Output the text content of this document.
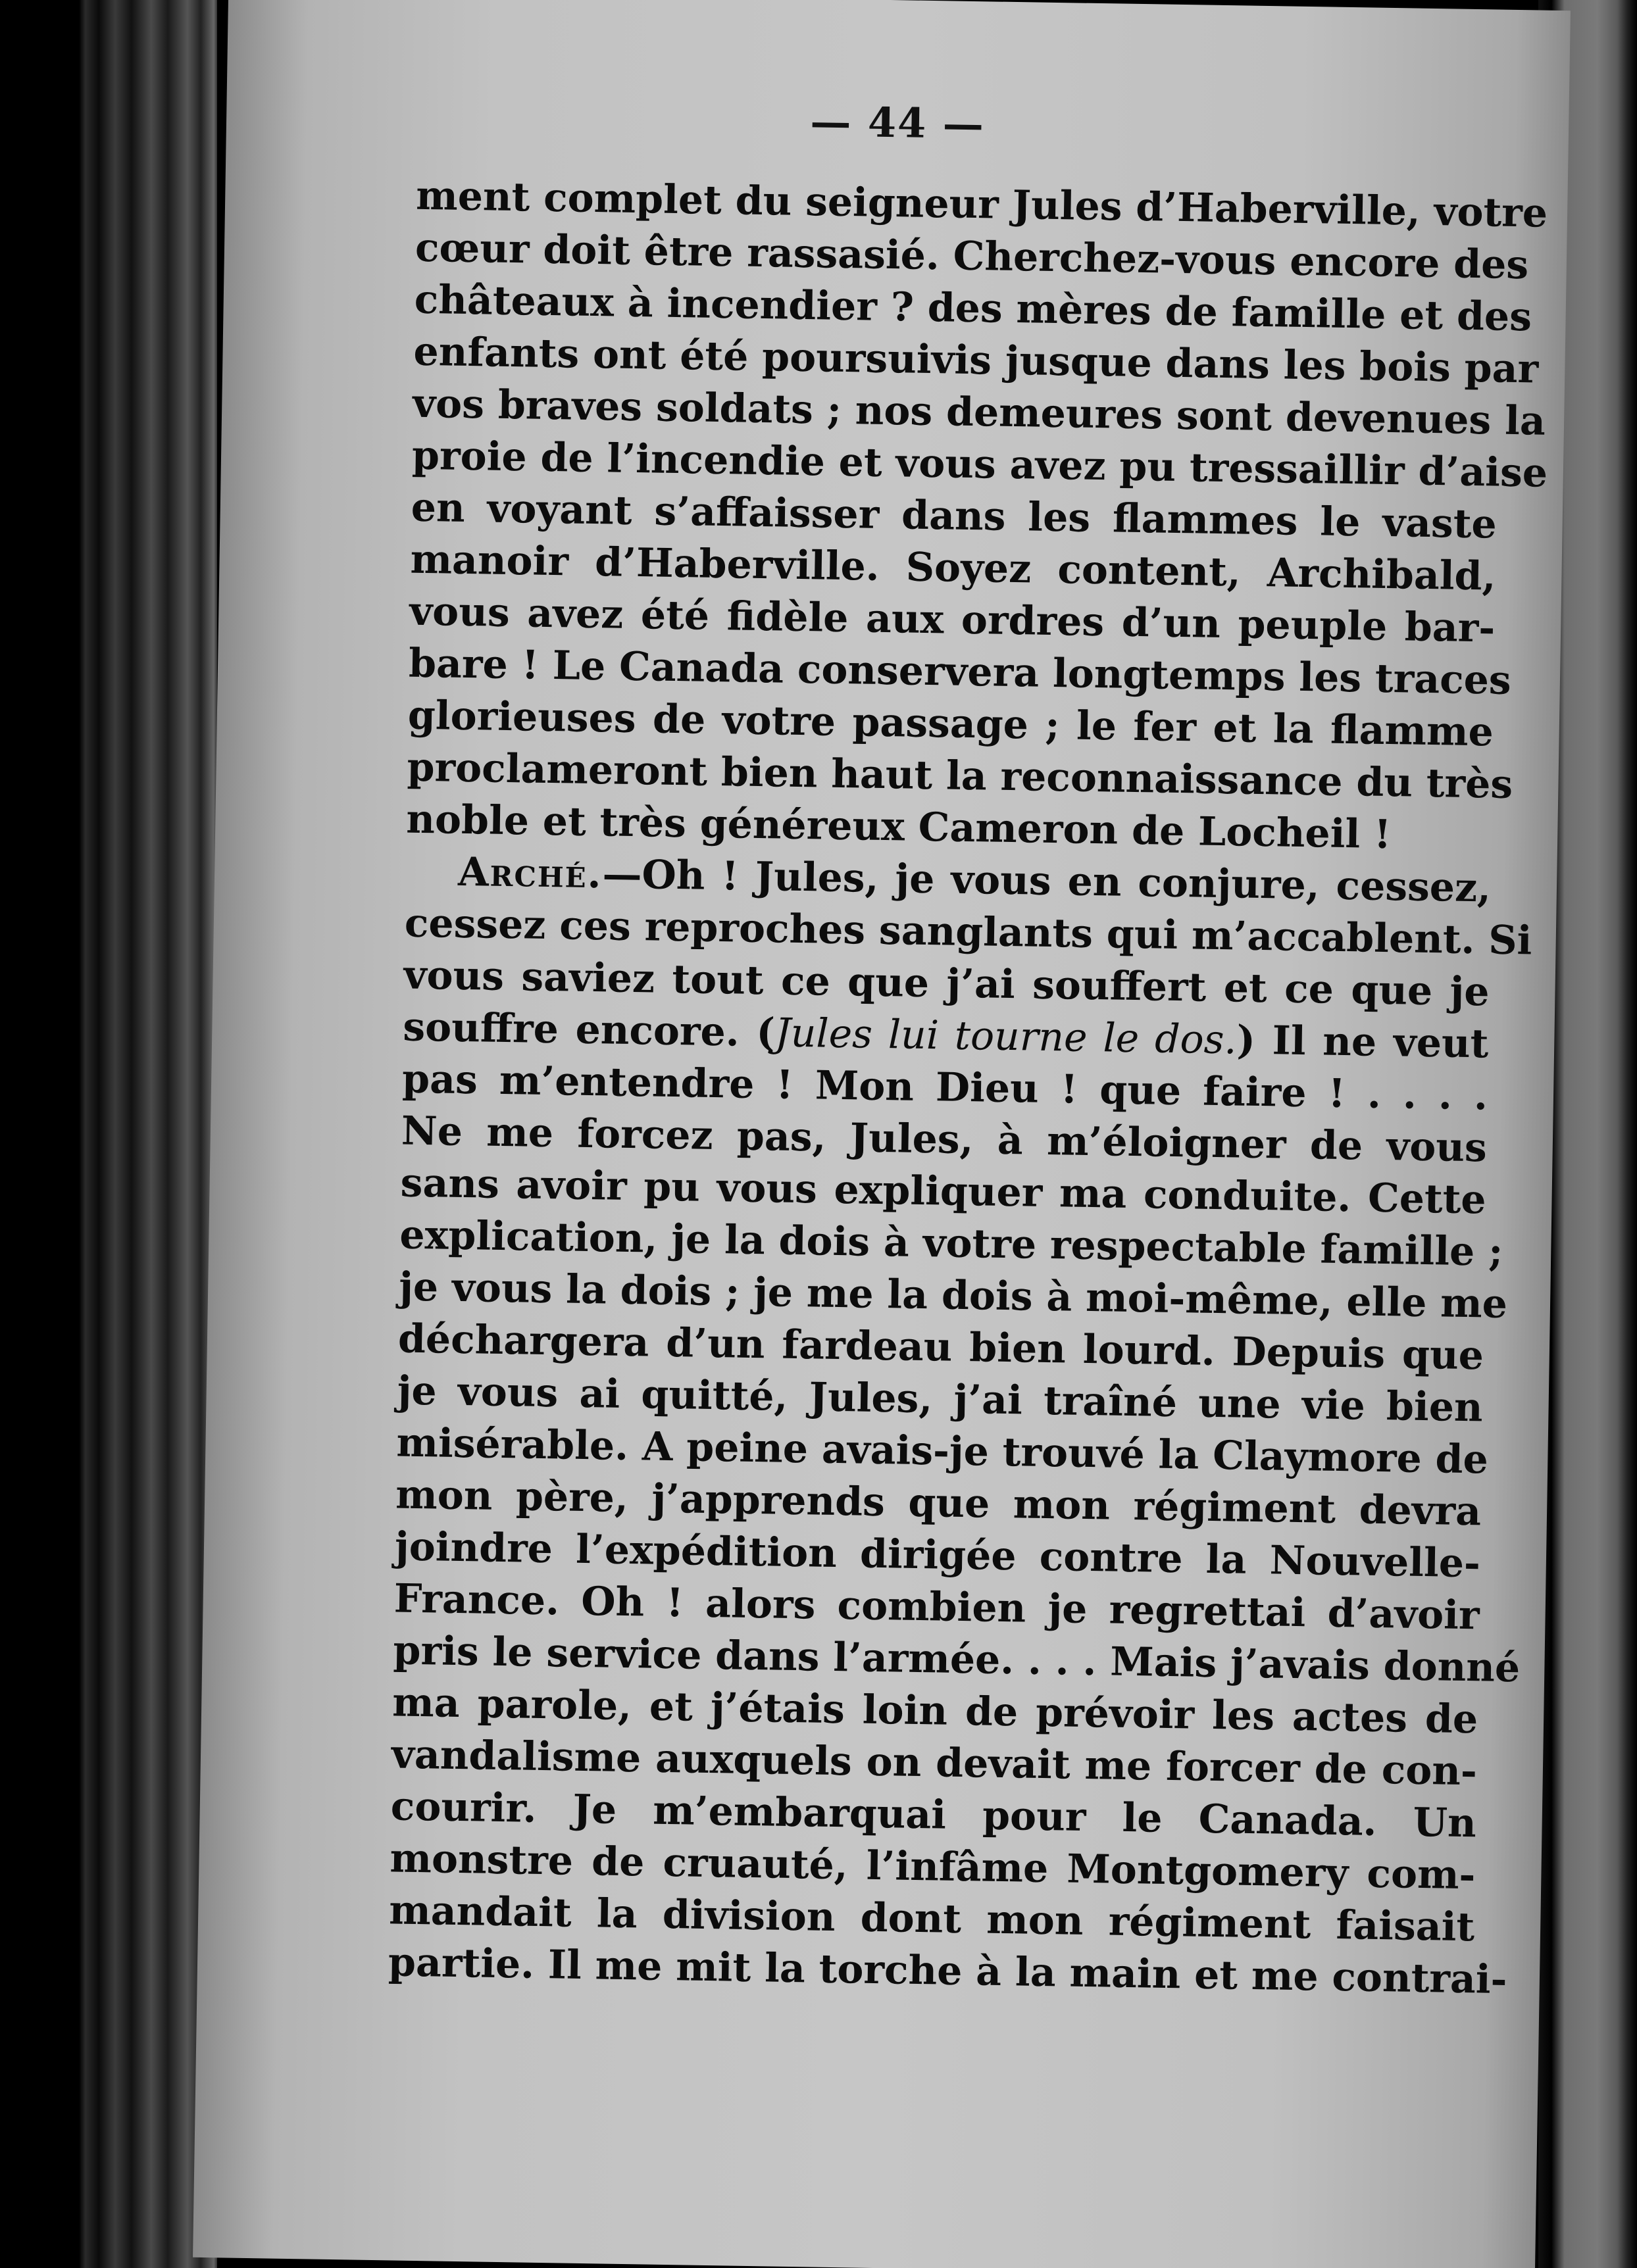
— 44 —
ment complet du seigneur Jules d’Haberville, votre
cœur doit être rassasié. Cherchez-vous encore des
châteaux à incendier ? des mères de famille et des
enfants ont été poursuivis jusque dans les bois par
vos braves soldats ; nos demeures sont devenues la
proie de l’incendie et vous avez pu tressaillir d’aise
en voyant s’affaisser dans les flammes le vaste
manoir d’Haberville. Soyez content, Archibald,
vous avez été fidèle aux ordres d’un peuple bar-
bare ! Le Canada conservera longtemps les traces
glorieuses de votre passage ; le fer et la flamme
proclameront bien haut la reconnaissance du très
noble et très généreux Cameron de Locheil !
Arché.—Oh ! Jules, je vous en conjure, cessez,
cessez ces reproches sanglants qui m’accablent. Si
vous saviez tout ce que j’ai souffert et ce que je
souffre encore. (Jules lui tourne le dos.) Il ne veut
pas m’entendre ! Mon Dieu ! que faire ! . . . .
Ne me forcez pas, Jules, à m’éloigner de vous
sans avoir pu vous expliquer ma conduite. Cette
explication, je la dois à votre respectable famille ;
je vous la dois ; je me la dois à moi-même, elle me
déchargera d’un fardeau bien lourd. Depuis que
je vous ai quitté, Jules, j’ai traîné une vie bien
misérable. A peine avais-je trouvé la Claymore de
mon père, j’apprends que mon régiment devra
joindre l’expédition dirigée contre la Nouvelle-
France. Oh ! alors combien je regrettai d’avoir
pris le service dans l’armée. . . . Mais j’avais donné
ma parole, et j’étais loin de prévoir les actes de
vandalisme auxquels on devait me forcer de con-
courir. Je m’embarquai pour le Canada. Un
monstre de cruauté, l’infâme Montgomery com-
mandait la division dont mon régiment faisait
partie. Il me mit la torche à la main et me contrai-
